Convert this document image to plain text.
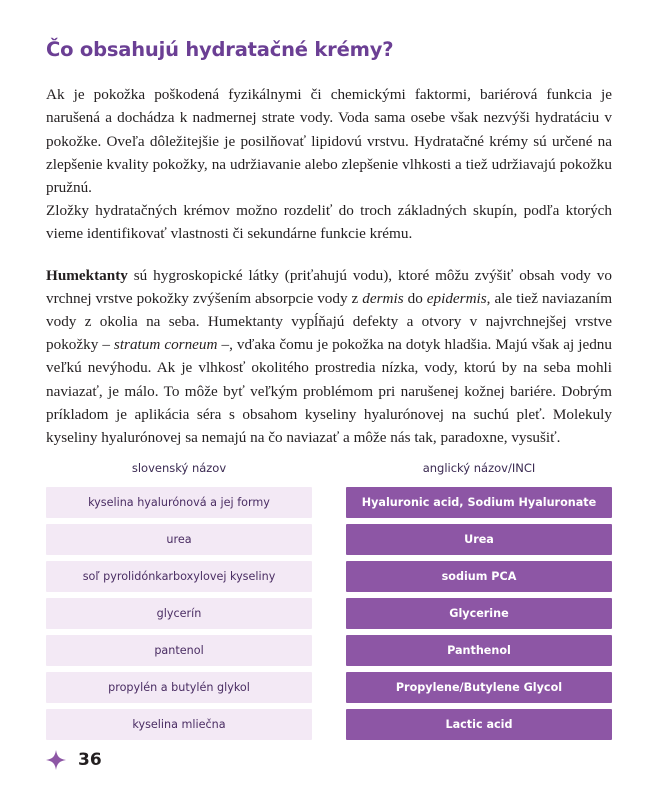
Čo obsahujú hydratačné krémy?

Ak je pokožka poškodená fyzikálnymi či chemickými faktormi, bariérová funkcia je narušená a dochádza k nadmernej strate vody. Voda sama osebe však nezvýši hydratáciu v pokožke. Oveľa dôležitejšie je posilňovať lipidovú vrstvu. Hydratačné krémy sú určené na zlepšenie kvality pokožky, na udržiavanie alebo zlepšenie vlhkosti a tiež udržiavajú pokožku pružnú.

Zložky hydratačných krémov možno rozdeliť do troch základných skupín, podľa ktorých vieme identifikovať vlastnosti či sekundárne funkcie krému.

Humektanty sú hygroskopické látky (priťahujú vodu), ktoré môžu zvýšiť obsah vody vo vrchnej vrstve pokožky zvýšením absorpcie vody z dermis do epidermis, ale tiež naviazaním vody z okolia na seba. Humektanty vypĺňajú defekty a otvory v najvrchnejšej vrstve pokožky – stratum corneum –, vďaka čomu je pokožka na dotyk hladšia. Majú však aj jednu veľkú nevýhodu. Ak je vlhkosť okolitého prostredia nízka, vody, ktorú by na seba mohli naviazať, je málo. To môže byť veľkým problémom pri narušenej kožnej bariére. Dobrým príkladom je aplikácia séra s obsahom kyseliny hyalurónovej na suchú pleť. Molekuly kyseliny hyalurónovej sa nemajú na čo naviazať a môže nás tak, paradoxne, vysušiť.

slovenský názov		anglický názov/INCI
kyselina hyalurónová a jej formy		Hyaluronic acid, Sodium Hyaluronate
urea		Urea
soľ pyrolidónkarboxylovej kyseliny		sodium PCA
glycerín		Glycerine
pantenol		Panthenol
propylén a butylén glykol		Propylene/Butylene Glycol
kyselina mliečna		Lactic acid
36
